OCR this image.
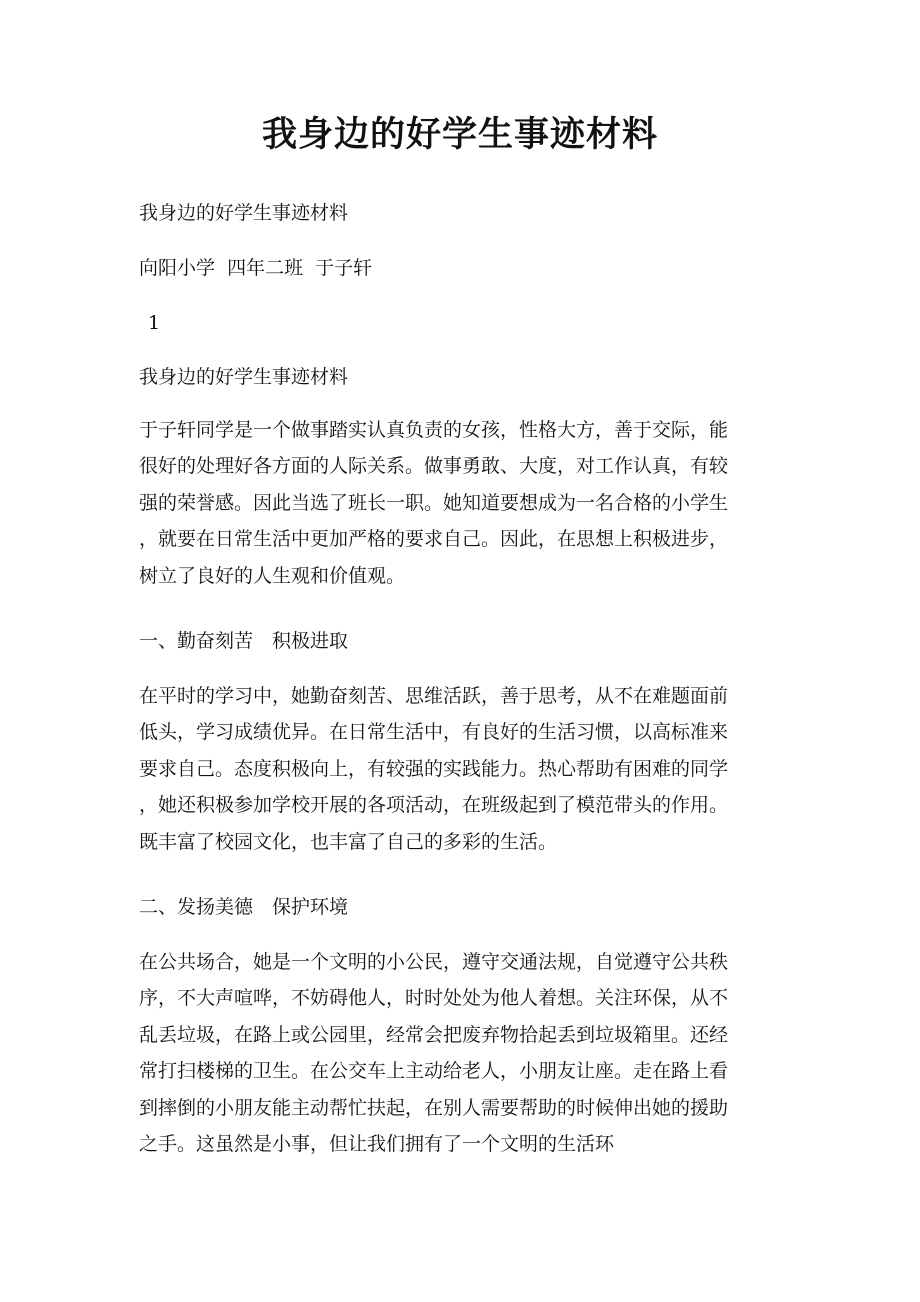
我身边的好学生事迹材料

我身边的好学生事迹材料

向阳小学  四年二班  于子轩

1

我身边的好学生事迹材料

于子轩同学是一个做事踏实认真负责的女孩，性格大方，善于交际，能
很好的处理好各方面的人际关系。做事勇敢、大度，对工作认真，有较
强的荣誉感。因此当选了班长一职。她知道要想成为一名合格的小学生
，就要在日常生活中更加严格的要求自己。因此，在思想上积极进步，
树立了良好的人生观和价值观。

一、勤奋刻苦　积极进取

在平时的学习中，她勤奋刻苦、思维活跃，善于思考，从不在难题面前
低头，学习成绩优异。在日常生活中，有良好的生活习惯，以高标准来
要求自己。态度积极向上，有较强的实践能力。热心帮助有困难的同学
，她还积极参加学校开展的各项活动，在班级起到了模范带头的作用。
既丰富了校园文化，也丰富了自己的多彩的生活。

二、发扬美德　保护环境

在公共场合，她是一个文明的小公民，遵守交通法规，自觉遵守公共秩
序，不大声喧哗，不妨碍他人，时时处处为他人着想。关注环保，从不
乱丢垃圾，在路上或公园里，经常会把废弃物拾起丢到垃圾箱里。还经
常打扫楼梯的卫生。在公交车上主动给老人，小朋友让座。走在路上看
到摔倒的小朋友能主动帮忙扶起，在别人需要帮助的时候伸出她的援助
之手。这虽然是小事，但让我们拥有了一个文明的生活环
